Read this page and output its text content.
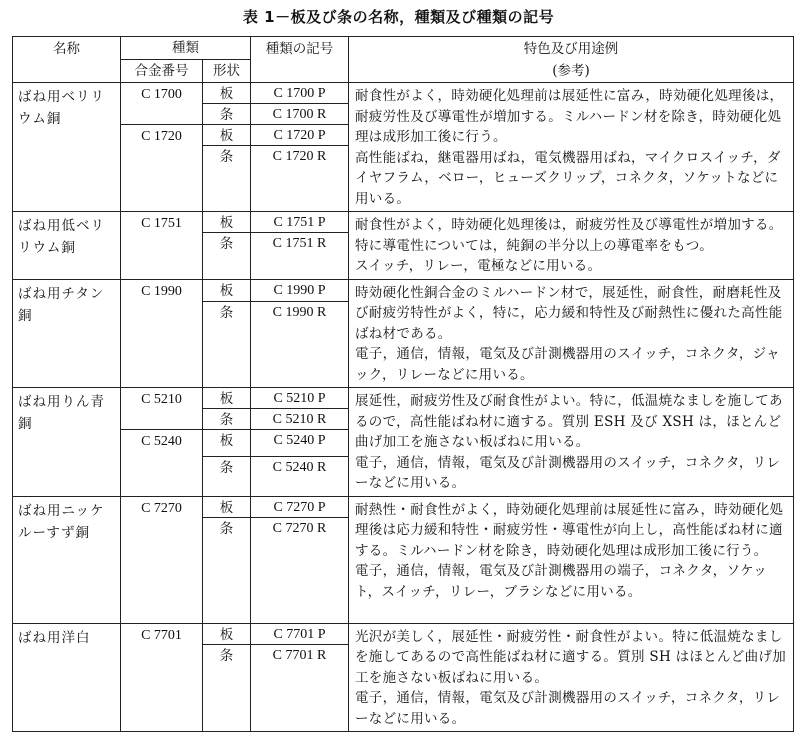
表 1－板及び条の名称，種類及び種類の記号
名称	種類		種類の記号	特色及び用途例
(参考)

	合金番号	形状		
ばね用ベリリウム銅	C 1700	板	C 1700 P	耐食性がよく，時効硬化処理前は展延性に富み，時効硬化処理後は，耐疲労性及び導電性が増加する。ミルハードン材を除き，時効硬化処理は成形加工後に行う。

高性能ばね，継電器用ばね，電気機器用ばね，マイクロスイッチ，ダイヤフラム，ベロー，ヒューズクリップ，コネクタ，ソケットなどに用いる。

		条	C 1700 R	
	C 1720	板	C 1720 P	
		条	C 1720 R	
ばね用低ベリリウム銅	C 1751	板	C 1751 P	耐食性がよく，時効硬化処理後は，耐疲労性及び導電性が増加する。特に導電性については，純銅の半分以上の導電率をもつ。

スイッチ，リレー，電極などに用いる。

		条	C 1751 R	
ばね用チタン銅	C 1990	板	C 1990 P	時効硬化性銅合金のミルハードン材で，展延性，耐食性，耐磨耗性及び耐疲労特性がよく，特に，応力緩和特性及び耐熱性に優れた高性能ばね材である。

電子，通信，情報，電気及び計測機器用のスイッチ，コネクタ，ジャック，リレーなどに用いる。

		条	C 1990 R	
ばね用りん青銅	C 5210	板	C 5210 P	展延性，耐疲労性及び耐食性がよい。特に，低温焼なましを施してあるので，高性能ばね材に適する。質別 ESH 及び XSH は，ほとんど曲げ加工を施さない板ばねに用いる。

電子，通信，情報，電気及び計測機器用のスイッチ，コネクタ，リレーなどに用いる。

		条	C 5210 R	
	C 5240	板	C 5240 P	
		条	C 5240 R	
ばね用ニッケルーすず銅	C 7270	板	C 7270 P	耐熱性・耐食性がよく，時効硬化処理前は展延性に富み，時効硬化処理後は応力緩和特性・耐疲労性・導電性が向上し，高性能ばね材に適する。ミルハードン材を除き，時効硬化処理は成形加工後に行う。

電子，通信，情報，電気及び計測機器用の端子，コネクタ，ソケット，スイッチ，リレー，ブラシなどに用いる。

		条	C 7270 R	
ばね用洋白	C 7701	板	C 7701 P	光沢が美しく，展延性・耐疲労性・耐食性がよい。特に低温焼なましを施してあるので高性能ばね材に適する。質別 SH はほとんど曲げ加工を施さない板ばねに用いる。

電子，通信，情報，電気及び計測機器用のスイッチ，コネクタ，リレーなどに用いる。

		条	C 7701 R	
